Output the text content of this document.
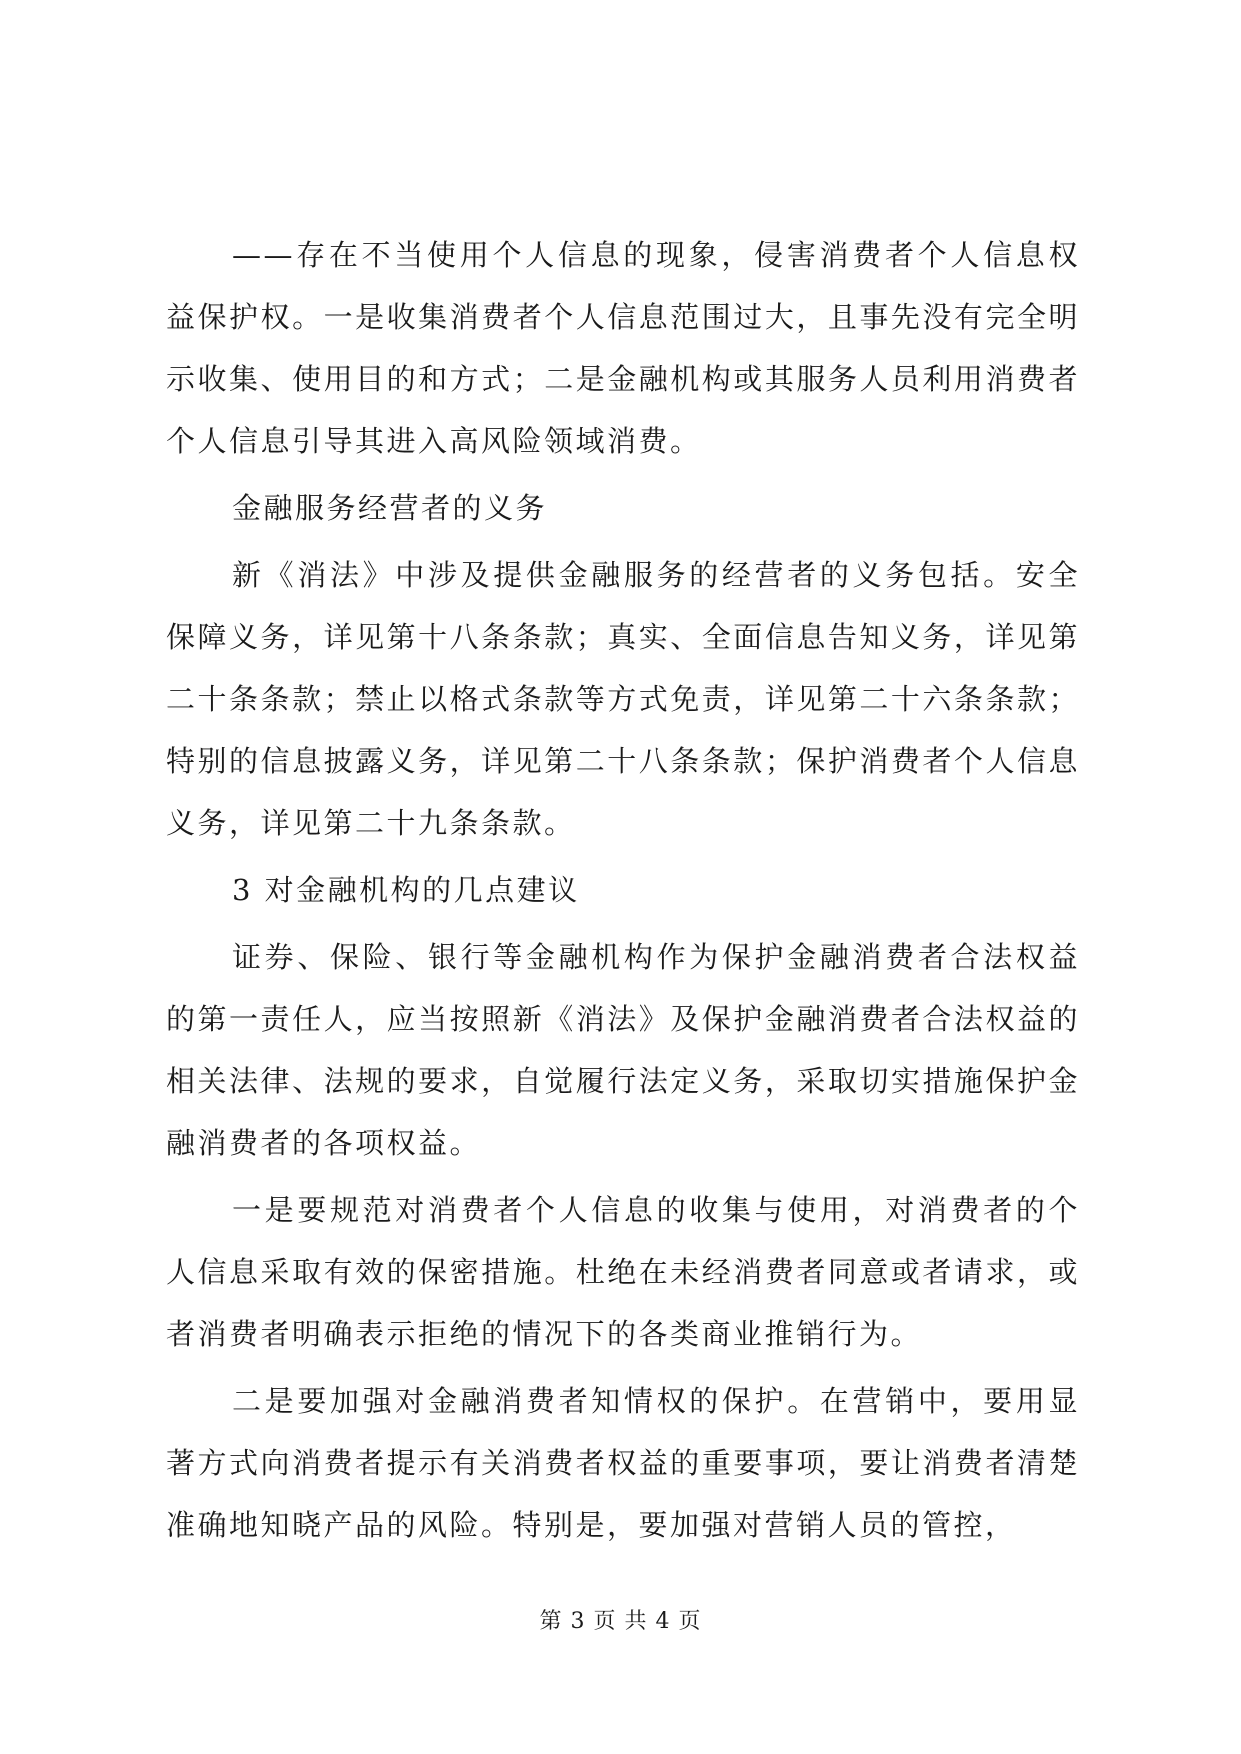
——存在不当使用个人信息的现象，侵害消费者个人信息权益保护权。一是收集消费者个人信息范围过大，且事先没有完全明示收集、使用目的和方式；二是金融机构或其服务人员利用消费者个人信息引导其进入高风险领域消费。

金融服务经营者的义务

新《消法》中涉及提供金融服务的经营者的义务包括。安全保障义务，详见第十八条条款；真实、全面信息告知义务，详见第二十条条款；禁止以格式条款等方式免责，详见第二十六条条款；特别的信息披露义务，详见第二十八条条款；保护消费者个人信息义务，详见第二十九条条款。

3 对金融机构的几点建议

证券、保险、银行等金融机构作为保护金融消费者合法权益的第一责任人，应当按照新《消法》及保护金融消费者合法权益的相关法律、法规的要求，自觉履行法定义务，采取切实措施保护金融消费者的各项权益。

一是要规范对消费者个人信息的收集与使用，对消费者的个人信息采取有效的保密措施。杜绝在未经消费者同意或者请求，或者消费者明确表示拒绝的情况下的各类商业推销行为。

二是要加强对金融消费者知情权的保护。在营销中，要用显著方式向消费者提示有关消费者权益的重要事项，要让消费者清楚准确地知晓产品的风险。特别是，要加强对营销人员的管控，

第 3 页 共 4 页
